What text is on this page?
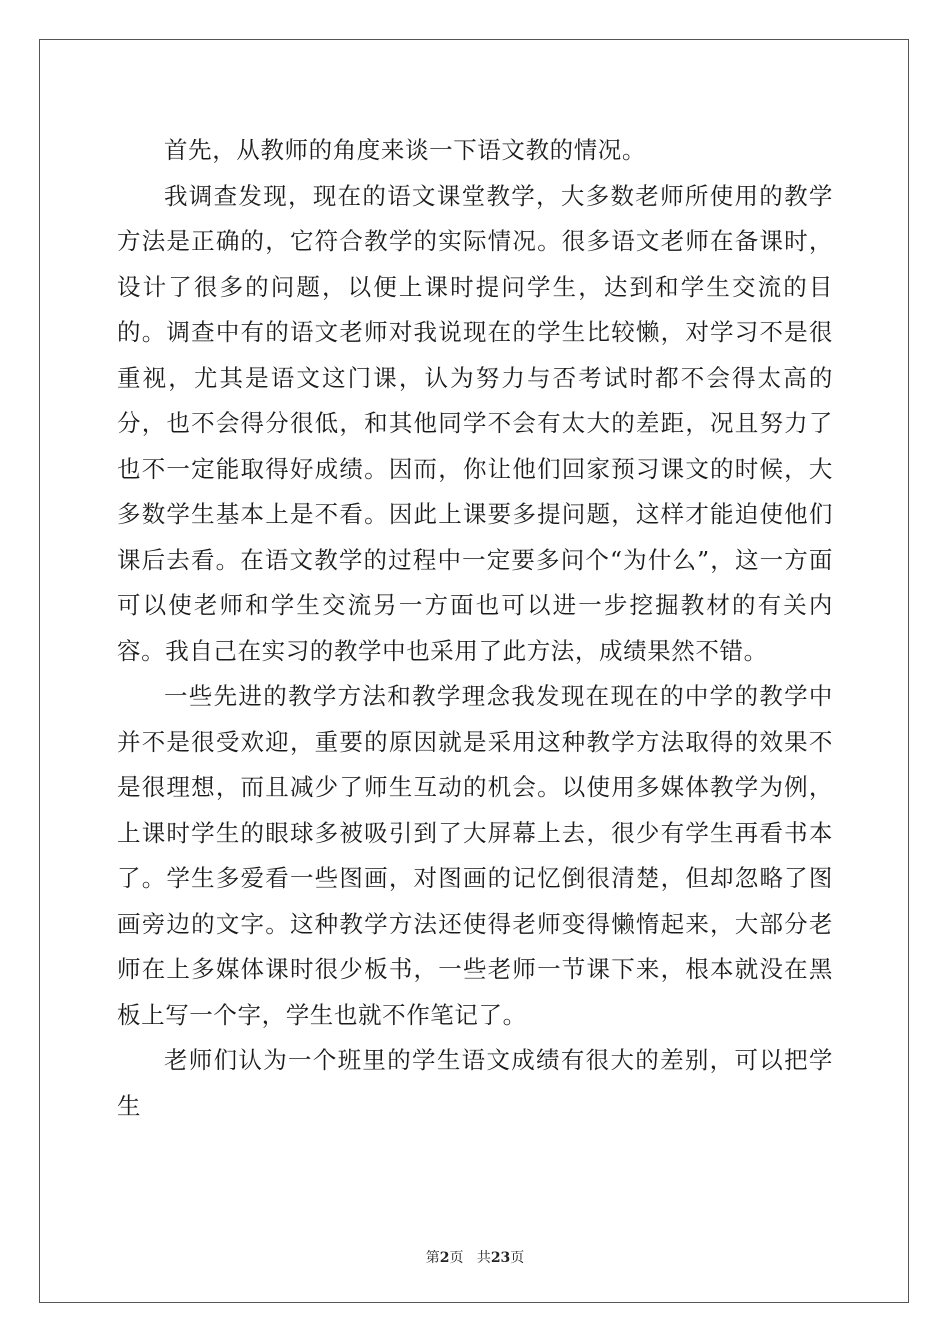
首先，从教师的角度来谈一下语文教的情况。

我调查发现，现在的语文课堂教学，大多数老师所使用的教学方法是正确的，它符合教学的实际情况。很多语文老师在备课时，设计了很多的问题，以便上课时提问学生，达到和学生交流的目的。调查中有的语文老师对我说现在的学生比较懒，对学习不是很重视，尤其是语文这门课，认为努力与否考试时都不会得太高的分，也不会得分很低，和其他同学不会有太大的差距，况且努力了也不一定能取得好成绩。因而，你让他们回家预习课文的时候，大多数学生基本上是不看。因此上课要多提问题，这样才能迫使他们课后去看。在语文教学的过程中一定要多问个“为什么”，这一方面可以使老师和学生交流另一方面也可以进一步挖掘教材的有关内容。我自己在实习的教学中也采用了此方法，成绩果然不错。

一些先进的教学方法和教学理念我发现在现在的中学的教学中并不是很受欢迎，重要的原因就是采用这种教学方法取得的效果不是很理想，而且减少了师生互动的机会。以使用多媒体教学为例，上课时学生的眼球多被吸引到了大屏幕上去，很少有学生再看书本了。学生多爱看一些图画，对图画的记忆倒很清楚，但却忽略了图画旁边的文字。这种教学方法还使得老师变得懒惰起来，大部分老师在上多媒体课时很少板书，一些老师一节课下来，根本就没在黑板上写一个字，学生也就不作笔记了。

老师们认为一个班里的学生语文成绩有很大的差别，可以把学生

第2页 共23页
